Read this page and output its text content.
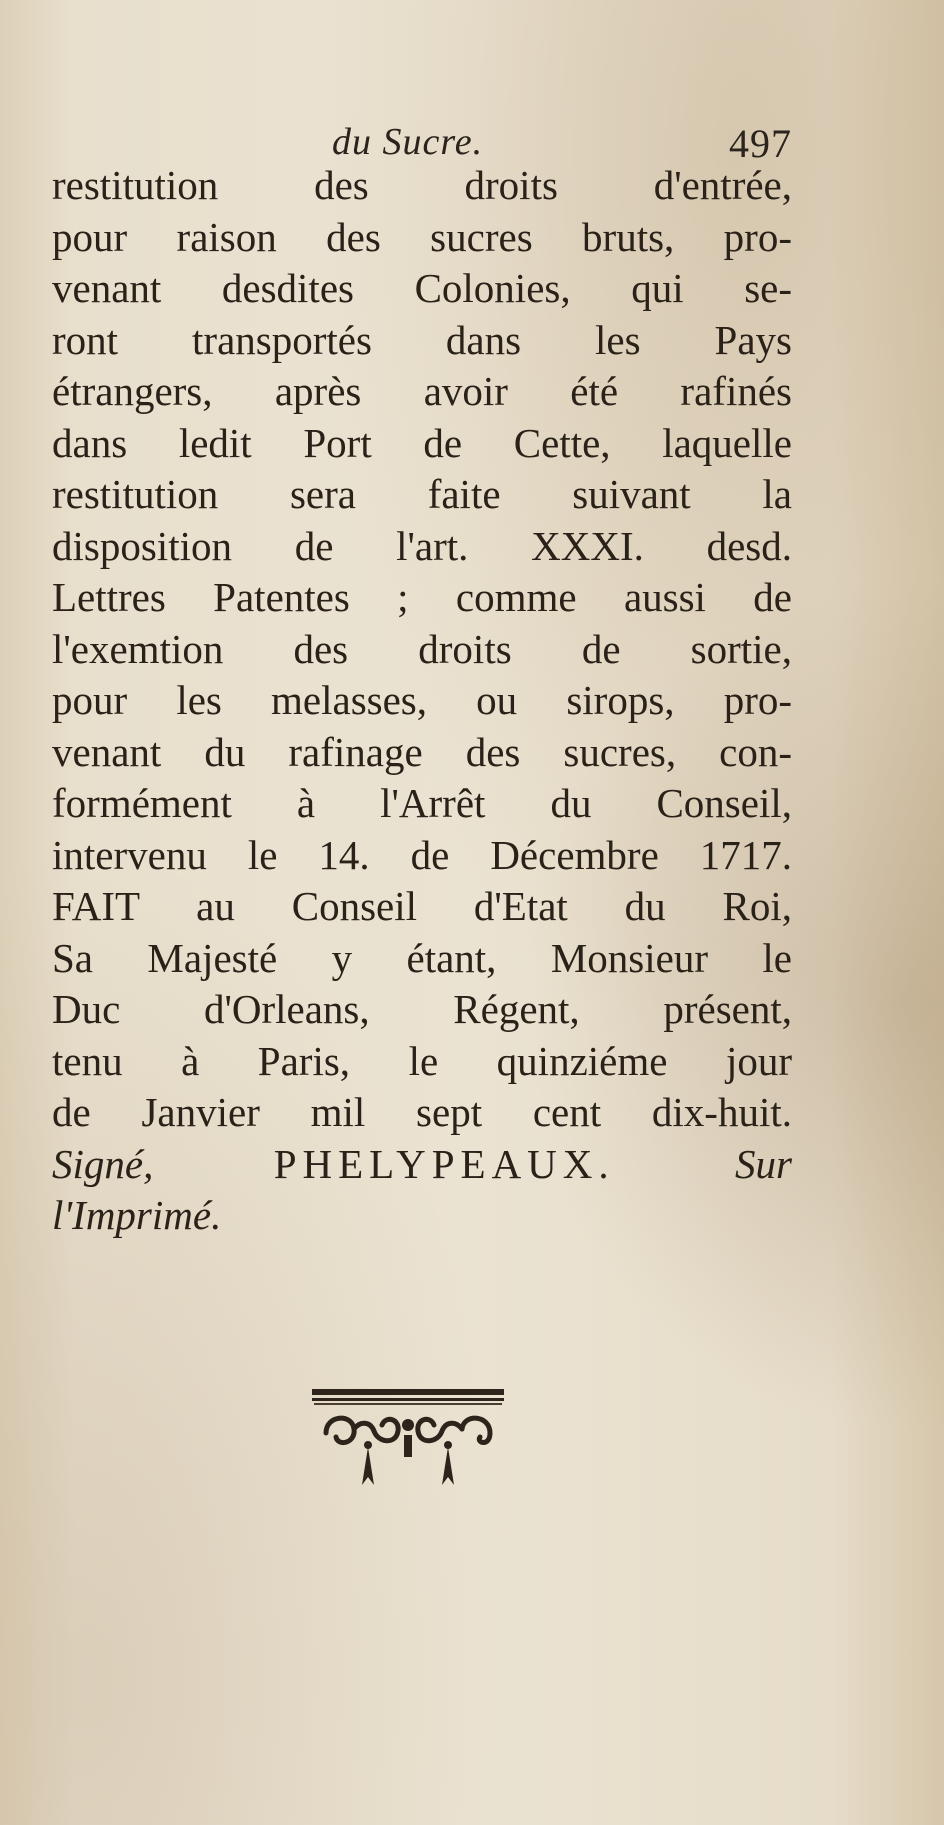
du Sucre.	497
restitution des droits d'entrée,
pour raison des sucres bruts, pro-
venant desdites Colonies, qui se-
ront transportés dans les Pays
étrangers, après avoir été rafinés
dans ledit Port de Cette, laquelle
restitution sera faite suivant la
disposition de l'art. XXXI. desd.
Lettres Patentes ; comme aussi de
l'exemtion des droits de sortie,
pour les melasses, ou sirops, pro-
venant du rafinage des sucres, con-
formément à l'Arrêt du Conseil,
intervenu le 14. de Décembre 1717.
FAIT au Conseil d'Etat du Roi,
Sa Majesté y étant, Monsieur le
Duc d'Orleans, Régent, présent,
tenu à Paris, le quinziéme jour
de Janvier mil sept cent dix-huit.
Signé,	PHELYPEAUX.	Sur
l'Imprimé.
